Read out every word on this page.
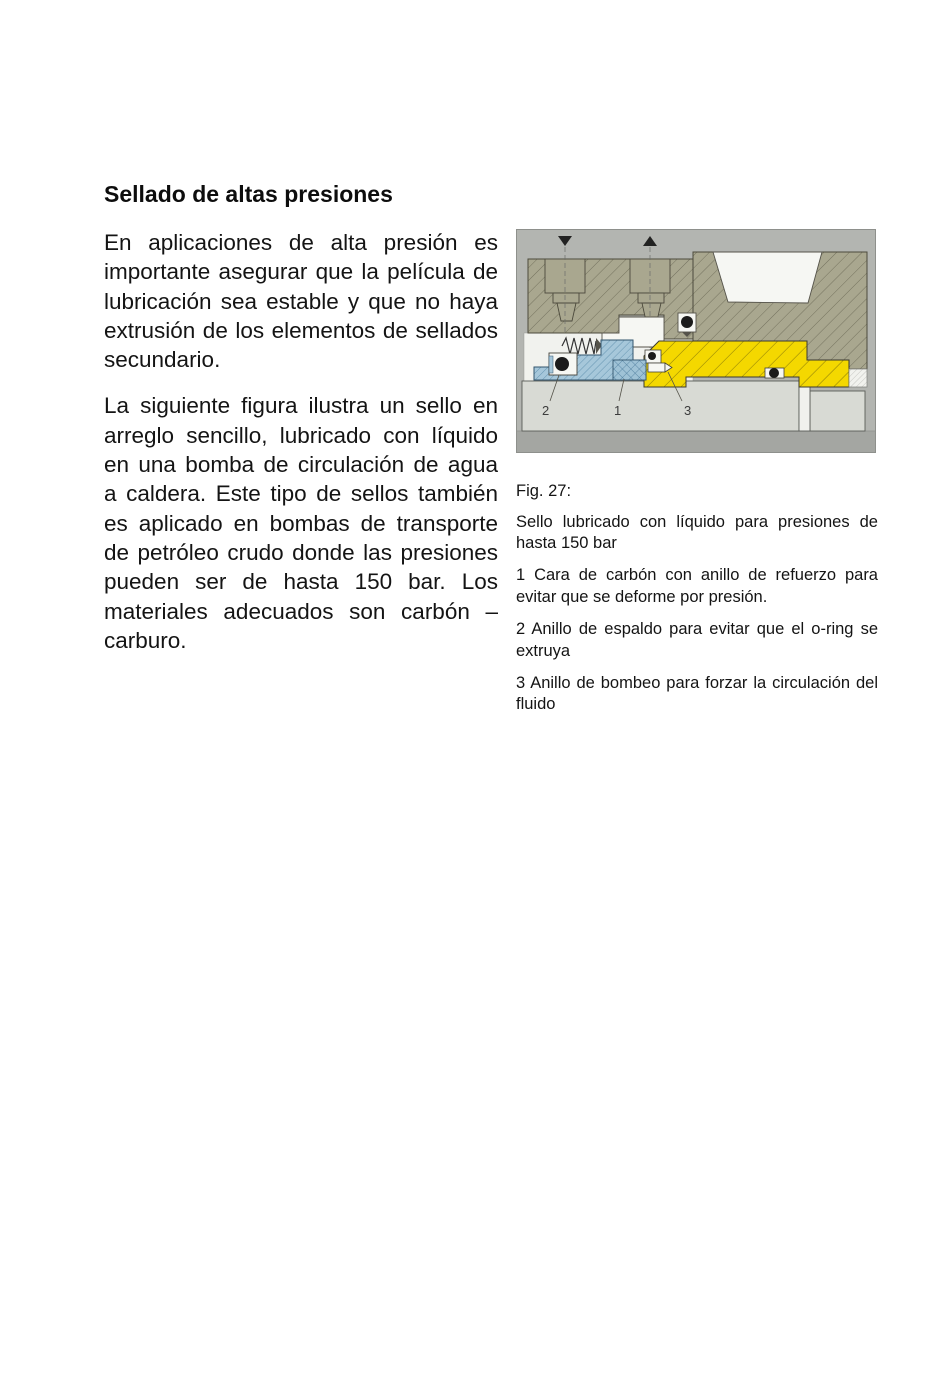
Sellado de altas presiones

En aplicaciones de alta presión es importante asegurar que la película de lubricación sea estable y que no haya extrusión de los elementos de sellados secundario.

La siguiente figura ilustra un sello en arreglo sencillo, lubricado con líquido en una bomba de circulación de agua a caldera. Este tipo de sellos también es aplicado en bombas de transporte de petróleo crudo donde las presiones pueden ser de hasta 150 bar. Los materiales adecuados son carbón – carburo.

2	1	3

Fig. 27:

Sello lubricado con líquido para presiones de hasta 150 bar

1 Cara de carbón con anillo de refuerzo para evitar que se deforme por presión.

2 Anillo de espaldo para evitar que el o-ring se extruya

3 Anillo de bombeo para forzar la circulación del fluido
